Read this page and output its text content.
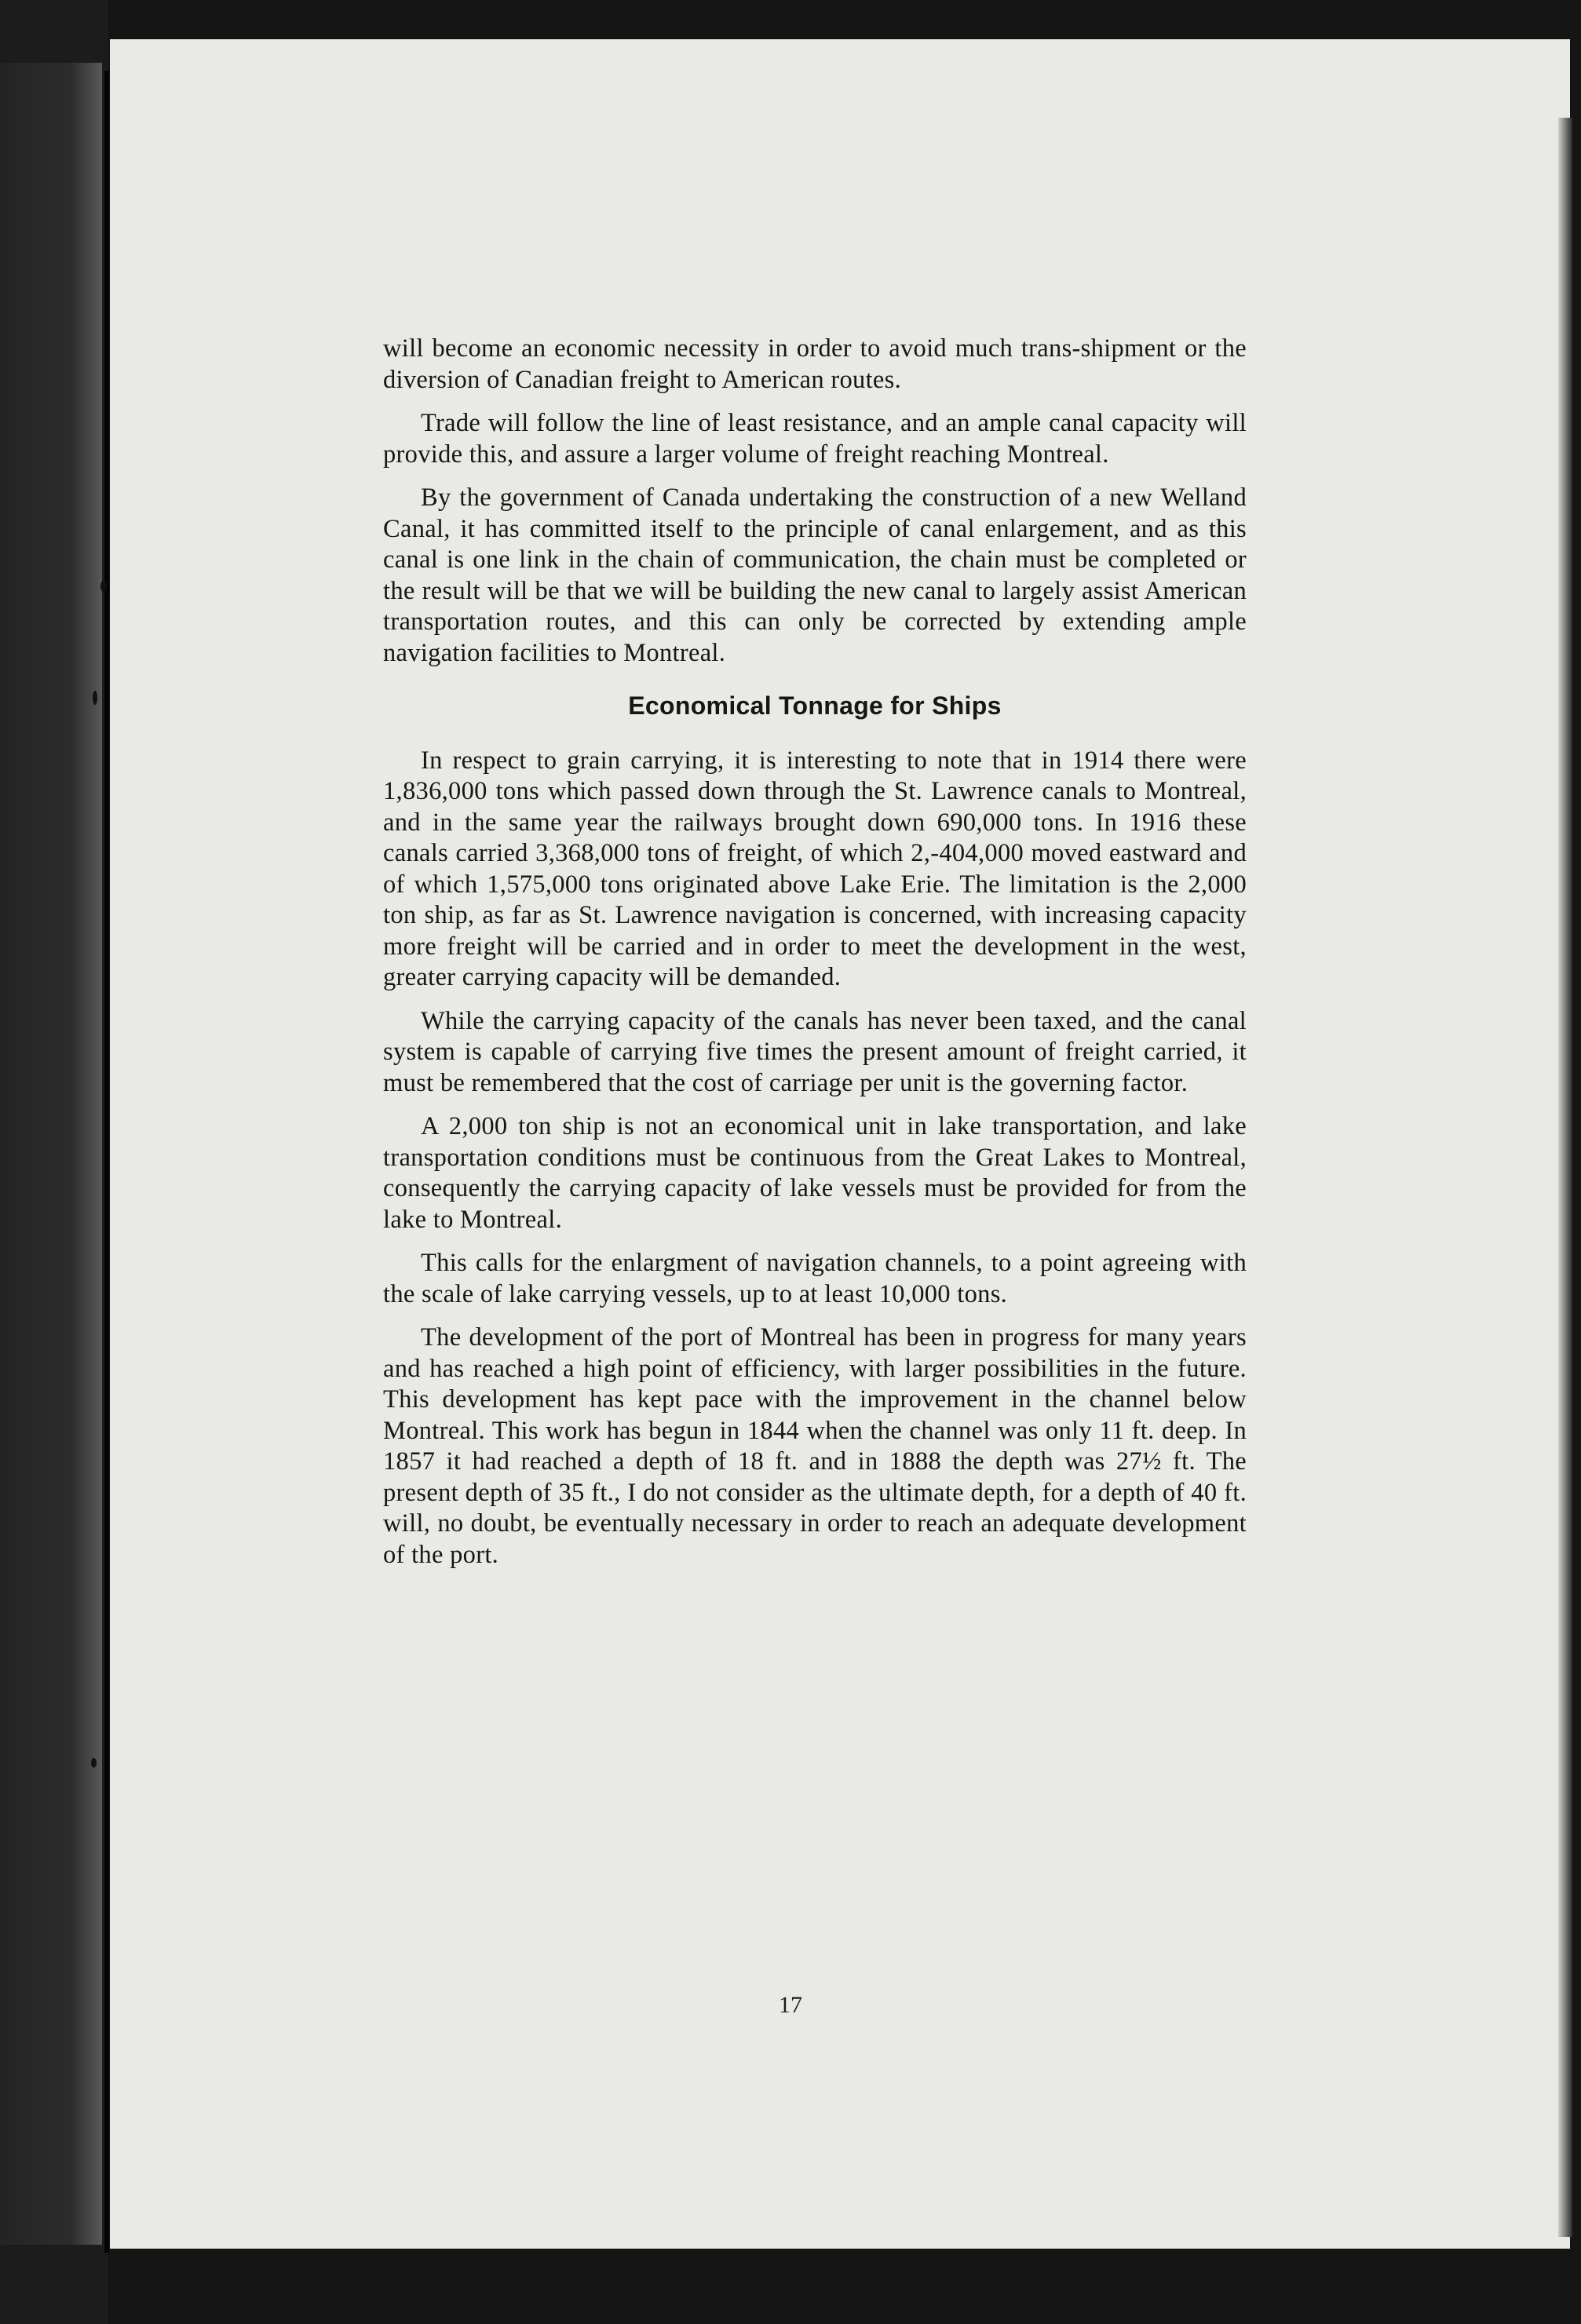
will become an economic necessity in order to avoid much trans-shipment or the diversion of Canadian freight to American routes.

Trade will follow the line of least resistance, and an ample canal capacity will provide this, and assure a larger volume of freight reaching Montreal.

By the government of Canada undertaking the construction of a new Welland Canal, it has committed itself to the principle of canal enlargement, and as this canal is one link in the chain of communication, the chain must be completed or the result will be that we will be building the new canal to largely assist American transportation routes, and this can only be corrected by extending ample navigation facilities to Montreal.

Economical Tonnage for Ships

In respect to grain carrying, it is interesting to note that in 1914 there were 1,836,000 tons which passed down through the St. Lawrence canals to Montreal, and in the same year the railways brought down 690,000 tons. In 1916 these canals carried 3,368,000 tons of freight, of which 2,-404,000 moved eastward and of which 1,575,000 tons originated above Lake Erie. The limitation is the 2,000 ton ship, as far as St. Lawrence navigation is concerned, with increasing capacity more freight will be carried and in order to meet the development in the west, greater carrying capacity will be demanded.

While the carrying capacity of the canals has never been taxed, and the canal system is capable of carrying five times the present amount of freight carried, it must be remembered that the cost of carriage per unit is the governing factor.

A 2,000 ton ship is not an economical unit in lake transportation, and lake transportation conditions must be continuous from the Great Lakes to Montreal, consequently the carrying capacity of lake vessels must be provided for from the lake to Montreal.

This calls for the enlargment of navigation channels, to a point agreeing with the scale of lake carrying vessels, up to at least 10,000 tons.

The development of the port of Montreal has been in progress for many years and has reached a high point of efficiency, with larger possibilities in the future. This development has kept pace with the improvement in the channel below Montreal. This work has begun in 1844 when the channel was only 11 ft. deep. In 1857 it had reached a depth of 18 ft. and in 1888 the depth was 27½ ft. The present depth of 35 ft., I do not consider as the ultimate depth, for a depth of 40 ft. will, no doubt, be eventually necessary in order to reach an adequate development of the port.

17
